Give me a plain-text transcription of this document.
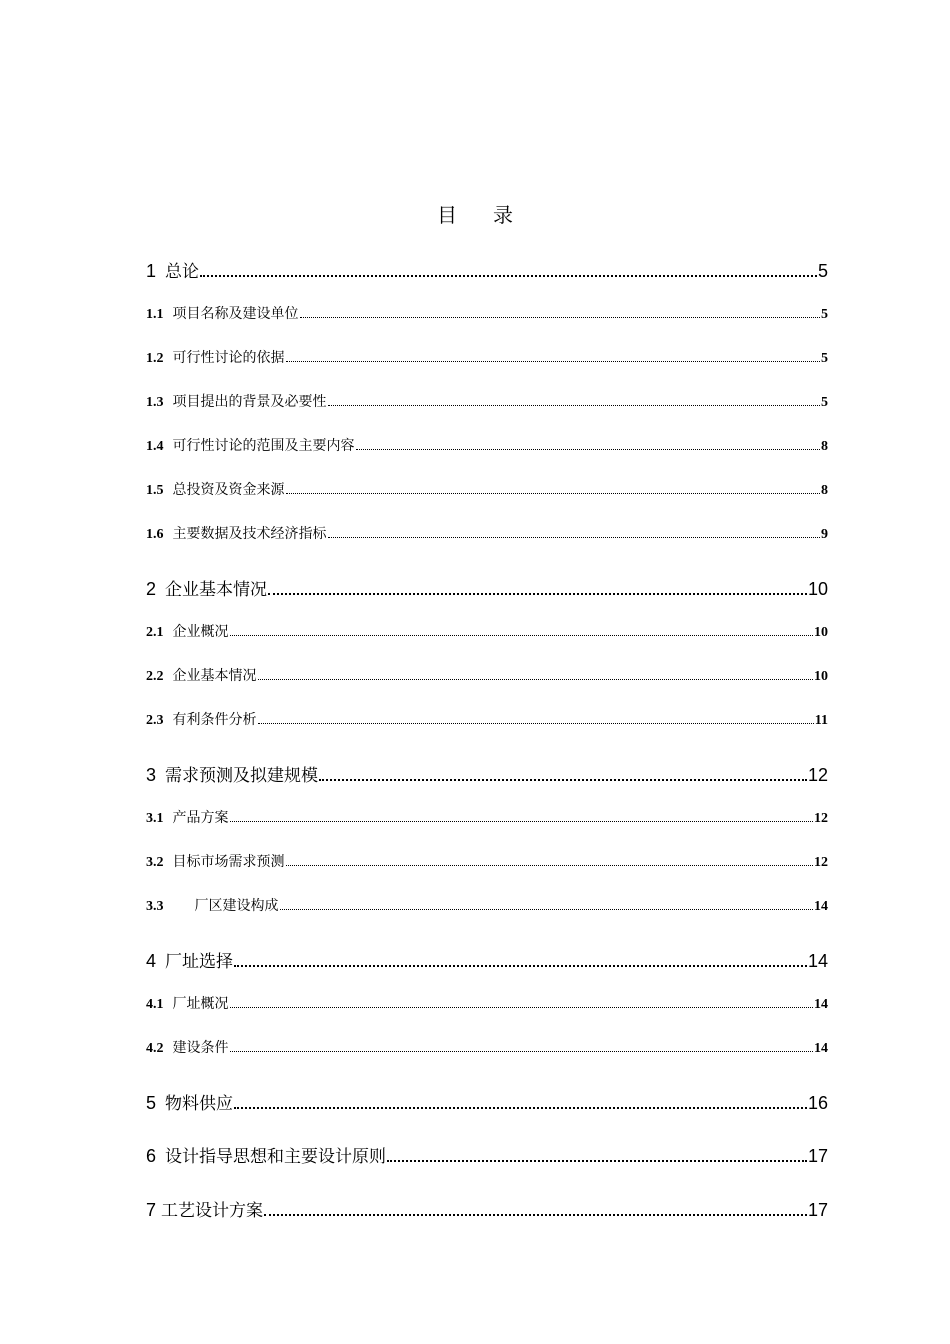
目录
1 总论	5
1.1 项目名称及建设单位	5
1.2 可行性讨论的依据	5
1.3 项目提出的背景及必要性	5
1.4 可行性讨论的范围及主要内容	8
1.5 总投资及资金来源	8
1.6 主要数据及技术经济指标	9
2 企业基本情况	10
2.1 企业概况	10
2.2 企业基本情况	10
2.3 有利条件分析	11
3 需求预测及拟建规模	12
3.1 产品方案	12
3.2 目标市场需求预测	12
3.3 厂区建设构成	14
4 厂址选择	14
4.1 厂址概况	14
4.2 建设条件	14
5 物料供应	16
6 设计指导思想和主要设计原则	17
7 工艺设计方案	17
